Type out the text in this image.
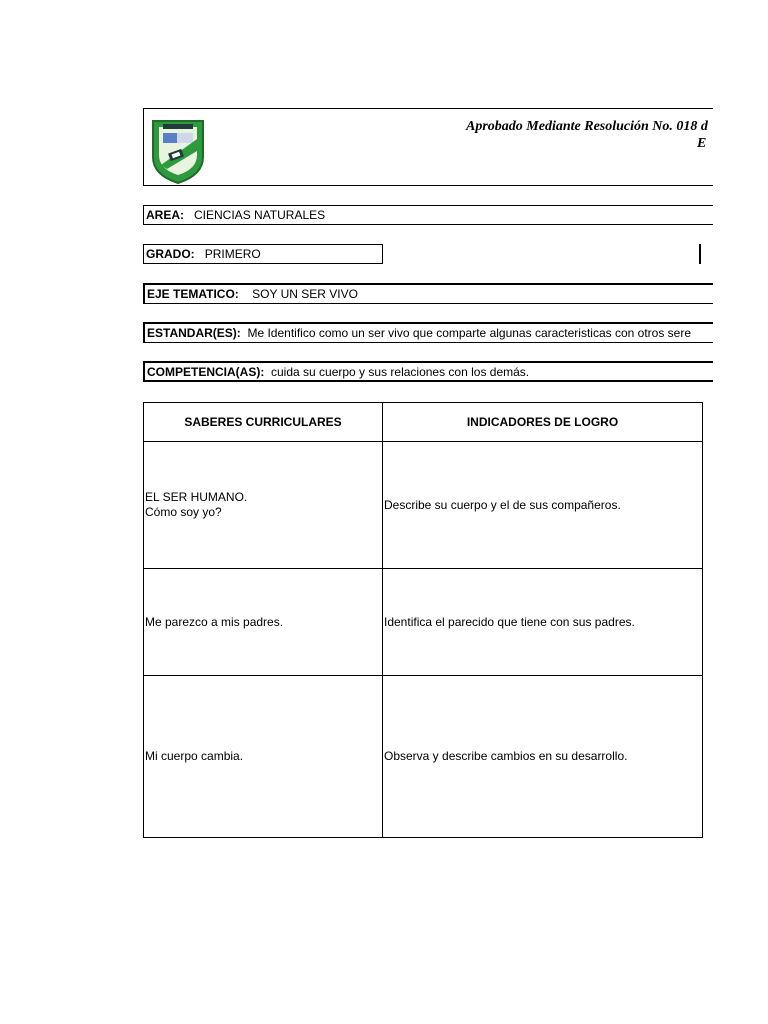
Aprobado Mediante Resolución No. 018 d
E
AREA: CIENCIAS NATURALES
GRADO: PRIMERO
EJE TEMATICO: SOY UN SER VIVO
ESTANDAR(ES): Me Identifico como un ser vivo que comparte algunas caracteristicas con otros sere
COMPETENCIA(AS): cuida su cuerpo y sus relaciones con los demás.
SABERES CURRICULARES	INDICADORES DE LOGRO
EL SER HUMANO.
Cómo soy yo?	Describe su cuerpo y el de sus compañeros.
Me parezco a mis padres.	Identifica el parecido que tiene con sus padres.
Mi cuerpo cambia.	Observa y describe cambios en su desarrollo.
